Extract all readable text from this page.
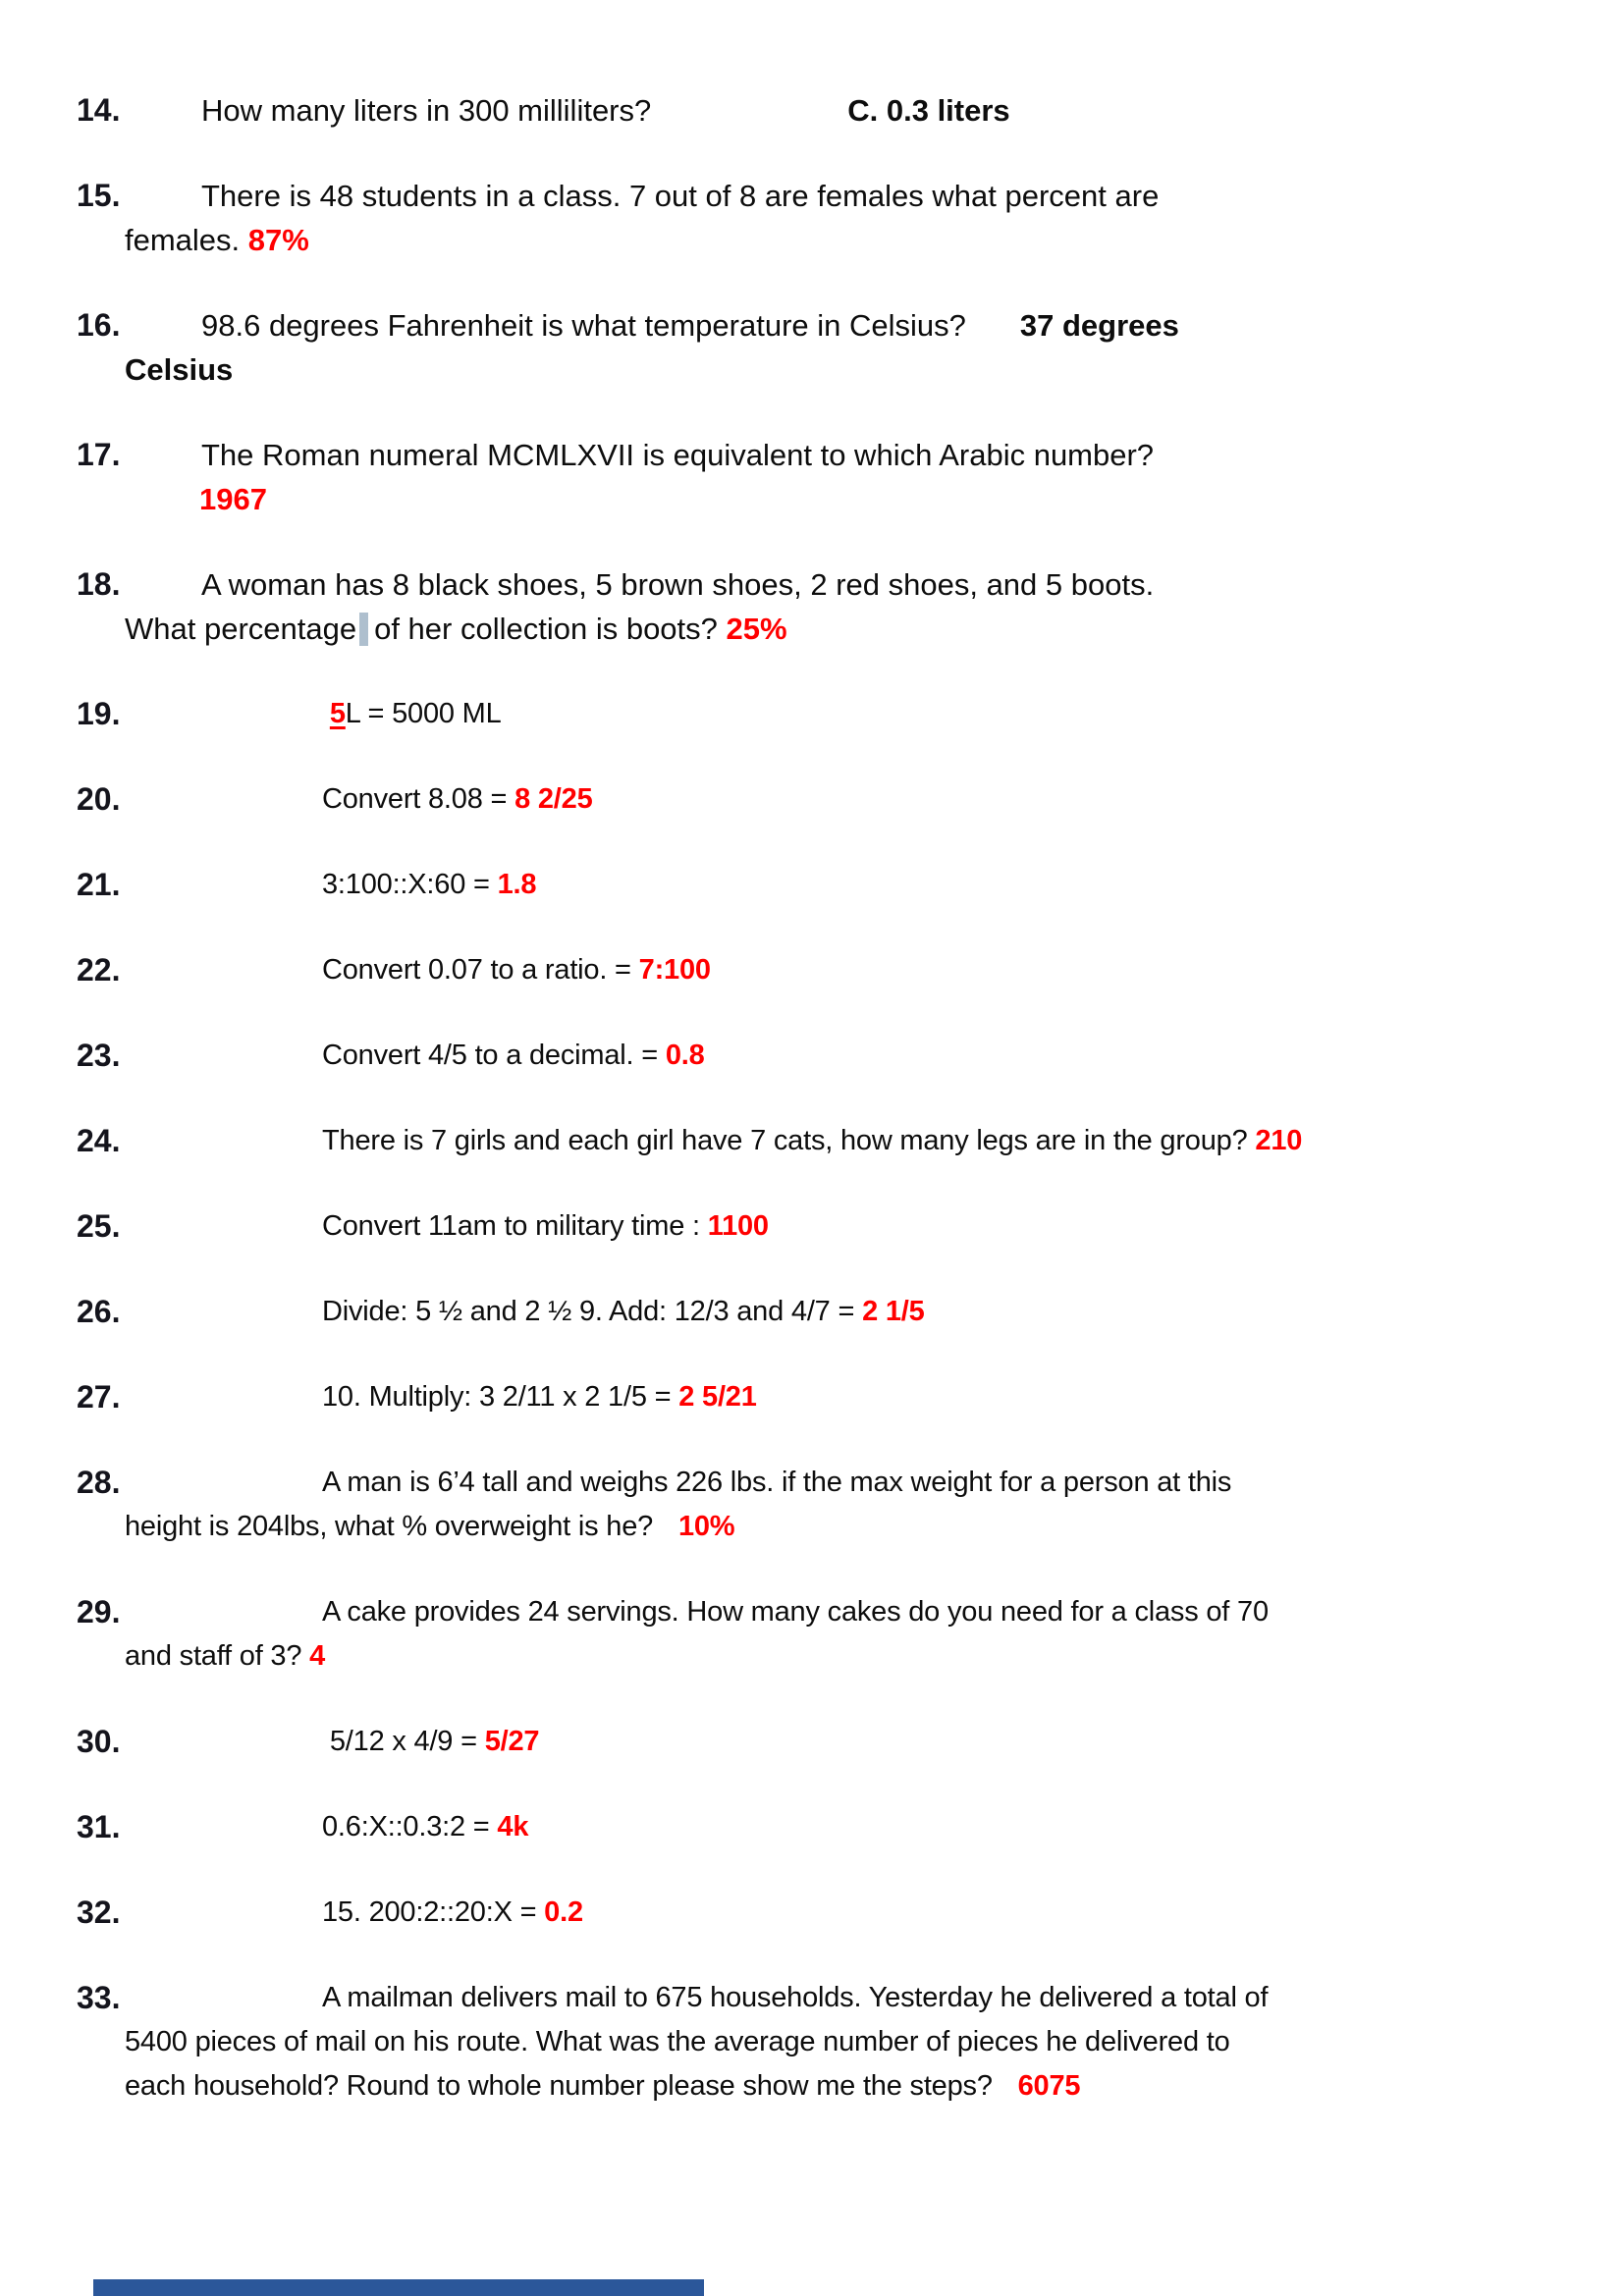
14.	How many liters in 300 milliliters?	C. 0.3 liters
15.	There is 48 students in a class. 7 out of 8 are females what percent are
females. 87%
16.	98.6 degrees Fahrenheit is what temperature in Celsius? 37 degrees
Celsius
17.	The Roman numeral MCMLXVII is equivalent to which Arabic number?
1967
18.	A woman has 8 black shoes, 5 brown shoes, 2 red shoes, and 5 boots.
What percentage of her collection is boots? 25%
19.	5L = 5000 ML
20.	Convert 8.08 = 8 2/25
21.	3:100::X:60 = 1.8
22.	Convert 0.07 to a ratio. = 7:100
23.	Convert 4/5 to a decimal. = 0.8
24.	There is 7 girls and each girl have 7 cats, how many legs are in the group? 210
25.	Convert 11am to military time : 1100
26.	Divide: 5 ½ and 2 ½ 9. Add: 12/3 and 4/7 = 2 1/5
27.	10. Multiply: 3 2/11 x 2 1/5 = 2 5/21
28.	A man is 6’4 tall and weighs 226 lbs. if the max weight for a person at this
height is 204lbs, what % overweight is he? 10%
29.	A cake provides 24 servings. How many cakes do you need for a class of 70
and staff of 3? 4
30.	5/12 x 4/9 = 5/27
31.	0.6:X::0.3:2 = 4k
32.	15. 200:2::20:X = 0.2
33.	A mailman delivers mail to 675 households. Yesterday he delivered a total of
5400 pieces of mail on his route. What was the average number of pieces he delivered to
each household? Round to whole number please show me the steps? 6075
